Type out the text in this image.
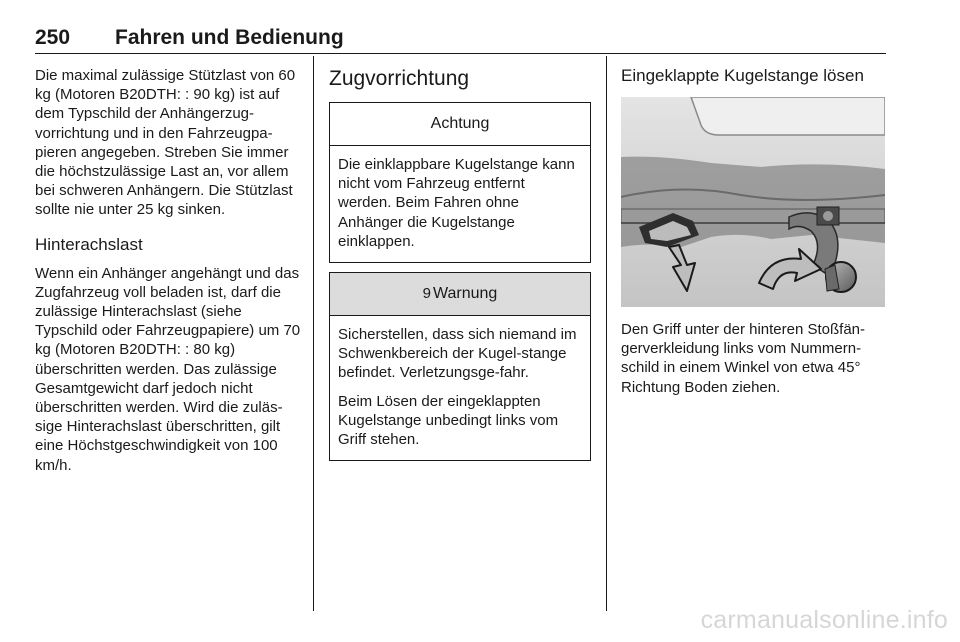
250 Fahren und Bedienung

Die maximal zulässige Stützlast von 60 kg (Motoren B20DTH: : 90 kg) ist auf dem Typschild der Anhängerzug-vorrichtung und in den Fahrzeugpa-pieren angegeben. Streben Sie immer die höchstzulässige Last an, vor allem bei schweren Anhängern. Die Stützlast sollte nie unter 25 kg sinken.

Hinterachslast

Wenn ein Anhänger angehängt und das Zugfahrzeug voll beladen ist, darf die zulässige Hinterachslast (siehe Typschild oder Fahrzeugpapiere) um 70 kg (Motoren B20DTH: : 80 kg) überschritten werden. Das zulässige Gesamtgewicht darf jedoch nicht überschritten werden. Wird die zuläs-sige Hinterachslast überschritten, gilt eine Höchstgeschwindigkeit von 100 km/h.

Zugvorrichtung
Achtung

Die einklappbare Kugelstange kann nicht vom Fahrzeug entfernt werden. Beim Fahren ohne Anhänger die Kugelstange einklappen.

9 Warnung

Sicherstellen, dass sich niemand im Schwenkbereich der Kugel-stange befindet. Verletzungsge-fahr.

Beim Lösen der eingeklappten Kugelstange unbedingt links vom Griff stehen.

Eingeklappte Kugelstange lösen

Den Griff unter der hinteren Stoßfän-gerverkleidung links vom Nummern-schild in einem Winkel von etwa 45° Richtung Boden ziehen.

carmanualsonline.info
